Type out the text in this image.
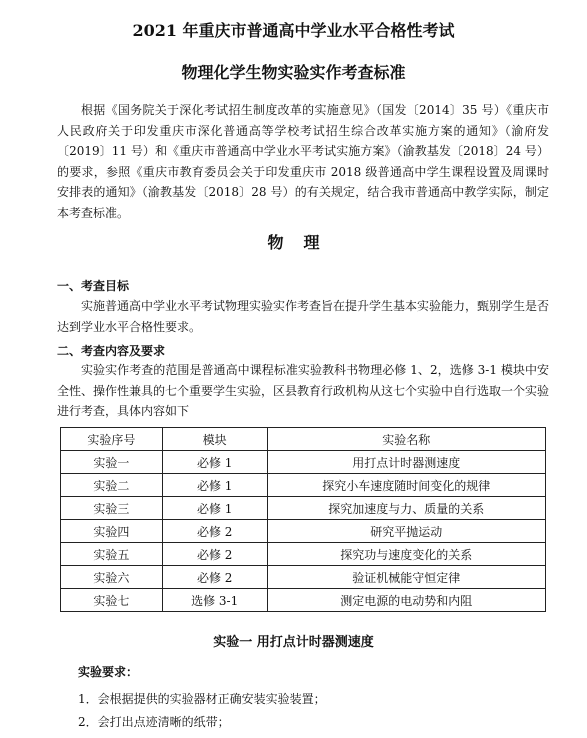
2021 年重庆市普通高中学业水平合格性考试
物理化学生物实验实作考查标准

根据《国务院关于深化考试招生制度改革的实施意见》（国发〔2014〕35 号）《重庆市人民政府关于印发重庆市深化普通高等学校考试招生综合改革实施方案的通知》（渝府发〔2019〕11 号）和《重庆市普通高中学业水平考试实施方案》（渝教基发〔2018〕24 号）的要求，参照《重庆市教育委员会关于印发重庆市 2018 级普通高中学生课程设置及周课时安排表的通知》（渝教基发〔2018〕28 号）的有关规定，结合我市普通高中教学实际，制定本考查标准。

物理
一、考查目标

实施普通高中学业水平考试物理实验实作考查旨在提升学生基本实验能力，甄别学生是否达到学业水平合格性要求。

二、考查内容及要求

实验实作考查的范围是普通高中课程标准实验教科书物理必修 1、2，选修 3-1 模块中安全性、操作性兼具的七个重要学生实验，区县教育行政机构从这七个实验中自行选取一个实验进行考查，具体内容如下

实验序号	模块	实验名称
实验一	必修 1	用打点计时器测速度
实验二	必修 1	探究小车速度随时间变化的规律
实验三	必修 1	探究加速度与力、质量的关系
实验四	必修 2	研究平抛运动
实验五	必修 2	探究功与速度变化的关系
实验六	必修 2	验证机械能守恒定律
实验七	选修 3-1	测定电源的电动势和内阻
实验一 用打点计时器测速度
实验要求：
1．会根据提供的实验器材正确安装实验装置；
2．会打出点迹清晰的纸带；
